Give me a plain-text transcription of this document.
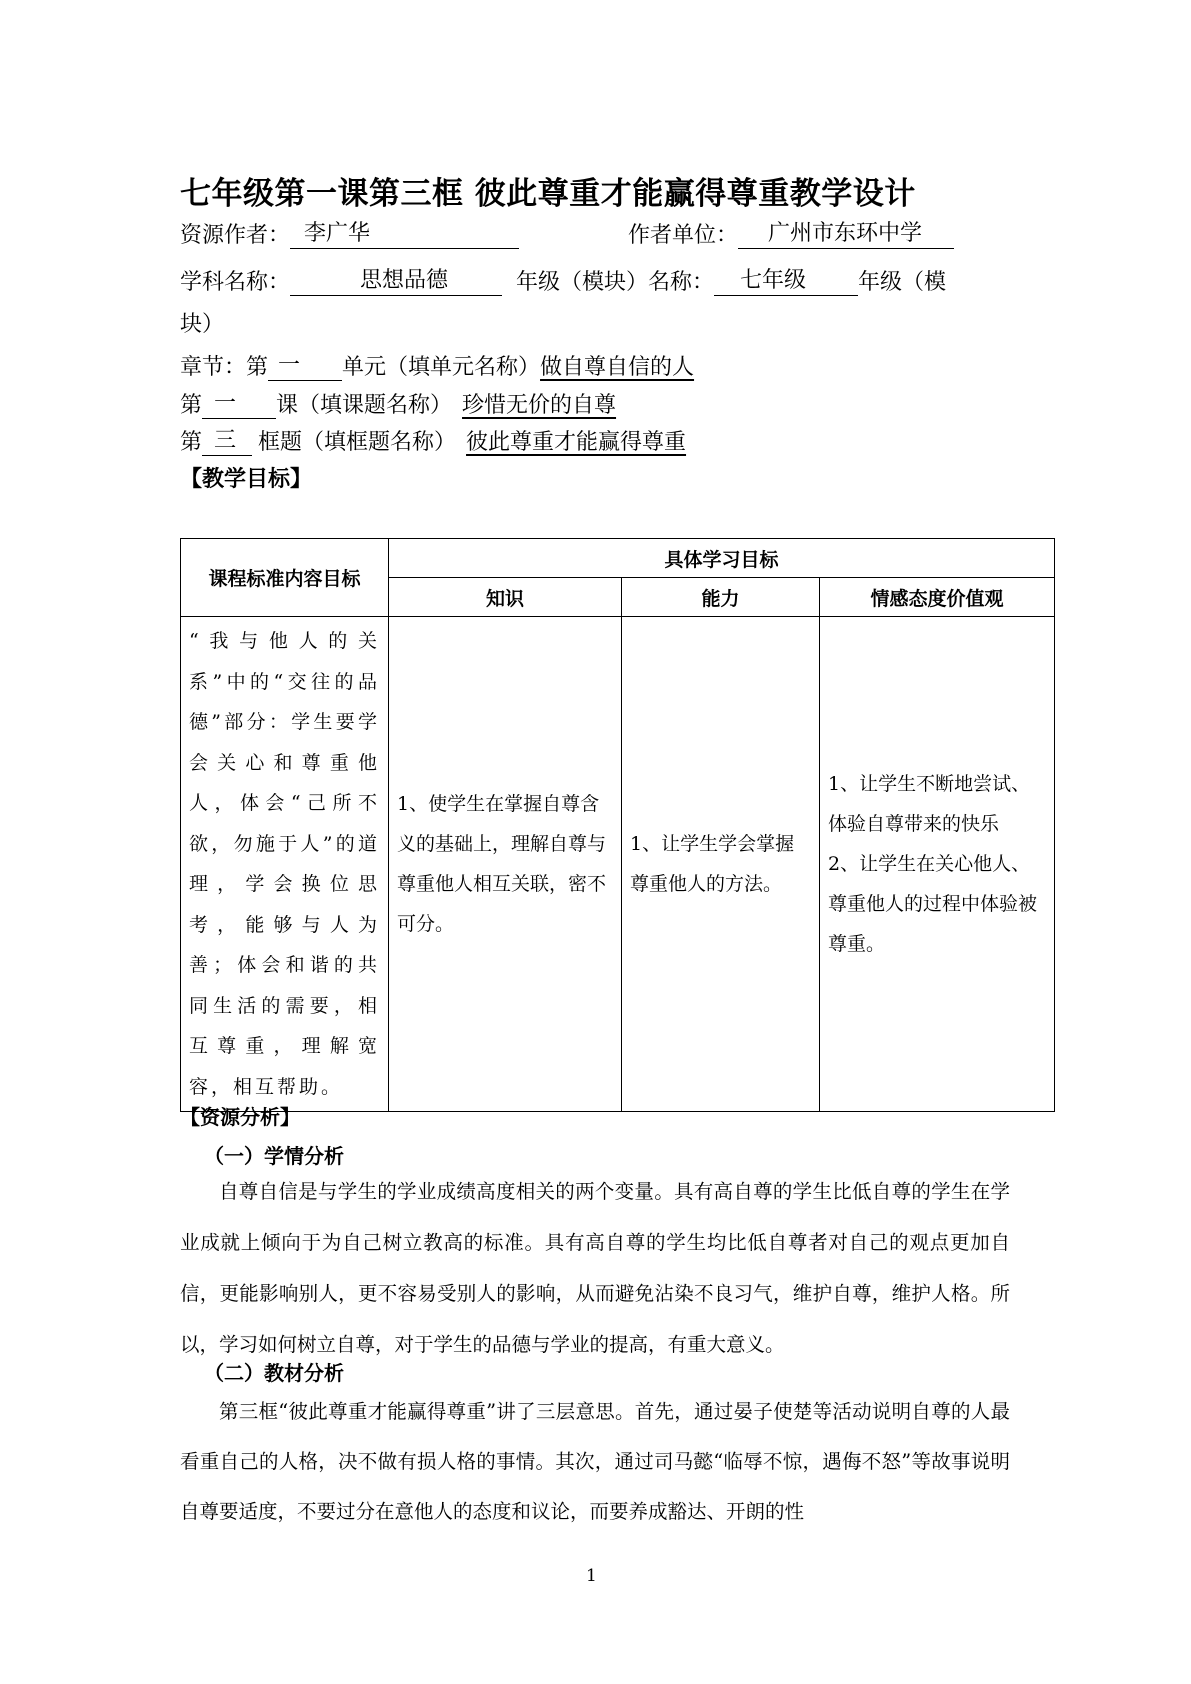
七年级第一课第三框 彼此尊重才能赢得尊重教学设计
资源作者： 李广华	作者单位： 广州市东环中学
学科名称：	思想品德	年级（模块）名称： 七年级 年级（模
块）
章节：第 一 单元（填单元名称）做自尊自信的人
第 一 课（填课题名称） 珍惜无价的自尊
第 三 框题（填框题名称） 彼此尊重才能赢得尊重
【教学目标】
课程标准内容目标	具体学习目标		
	知识	能力	情感态度价值观
“我与他人的关系”中的“交往的品德”部分：学生要学会关心和尊重他人，体会“己所不欲，勿施于人”的道理，学会换位思考，能够与人为善；体会和谐的共同生活的需要，相互尊重，理解宽容，相互帮助。	1、使学生在掌握自尊含义的基础上，理解自尊与尊重他人相互关联，密不可分。	1、让学生学会掌握尊重他人的方法。	1、让学生不断地尝试、体验自尊带来的快乐
2、让学生在关心他人、尊重他人的过程中体验被尊重。
【资源分析】
（一）学情分析
自尊自信是与学生的学业成绩高度相关的两个变量。具有高自尊的学生比低自尊的学生在学业成就上倾向于为自己树立教高的标准。具有高自尊的学生均比低自尊者对自己的观点更加自信，更能影响别人，更不容易受别人的影响，从而避免沾染不良习气，维护自尊，维护人格。所以，学习如何树立自尊，对于学生的品德与学业的提高，有重大意义。
（二）教材分析
第三框“彼此尊重才能赢得尊重”讲了三层意思。首先，通过晏子使楚等活动说明自尊的人最看重自己的人格，决不做有损人格的事情。其次，通过司马懿“临辱不惊，遇侮不怒”等故事说明自尊要适度，不要过分在意他人的态度和议论，而要养成豁达、开朗的性
1
